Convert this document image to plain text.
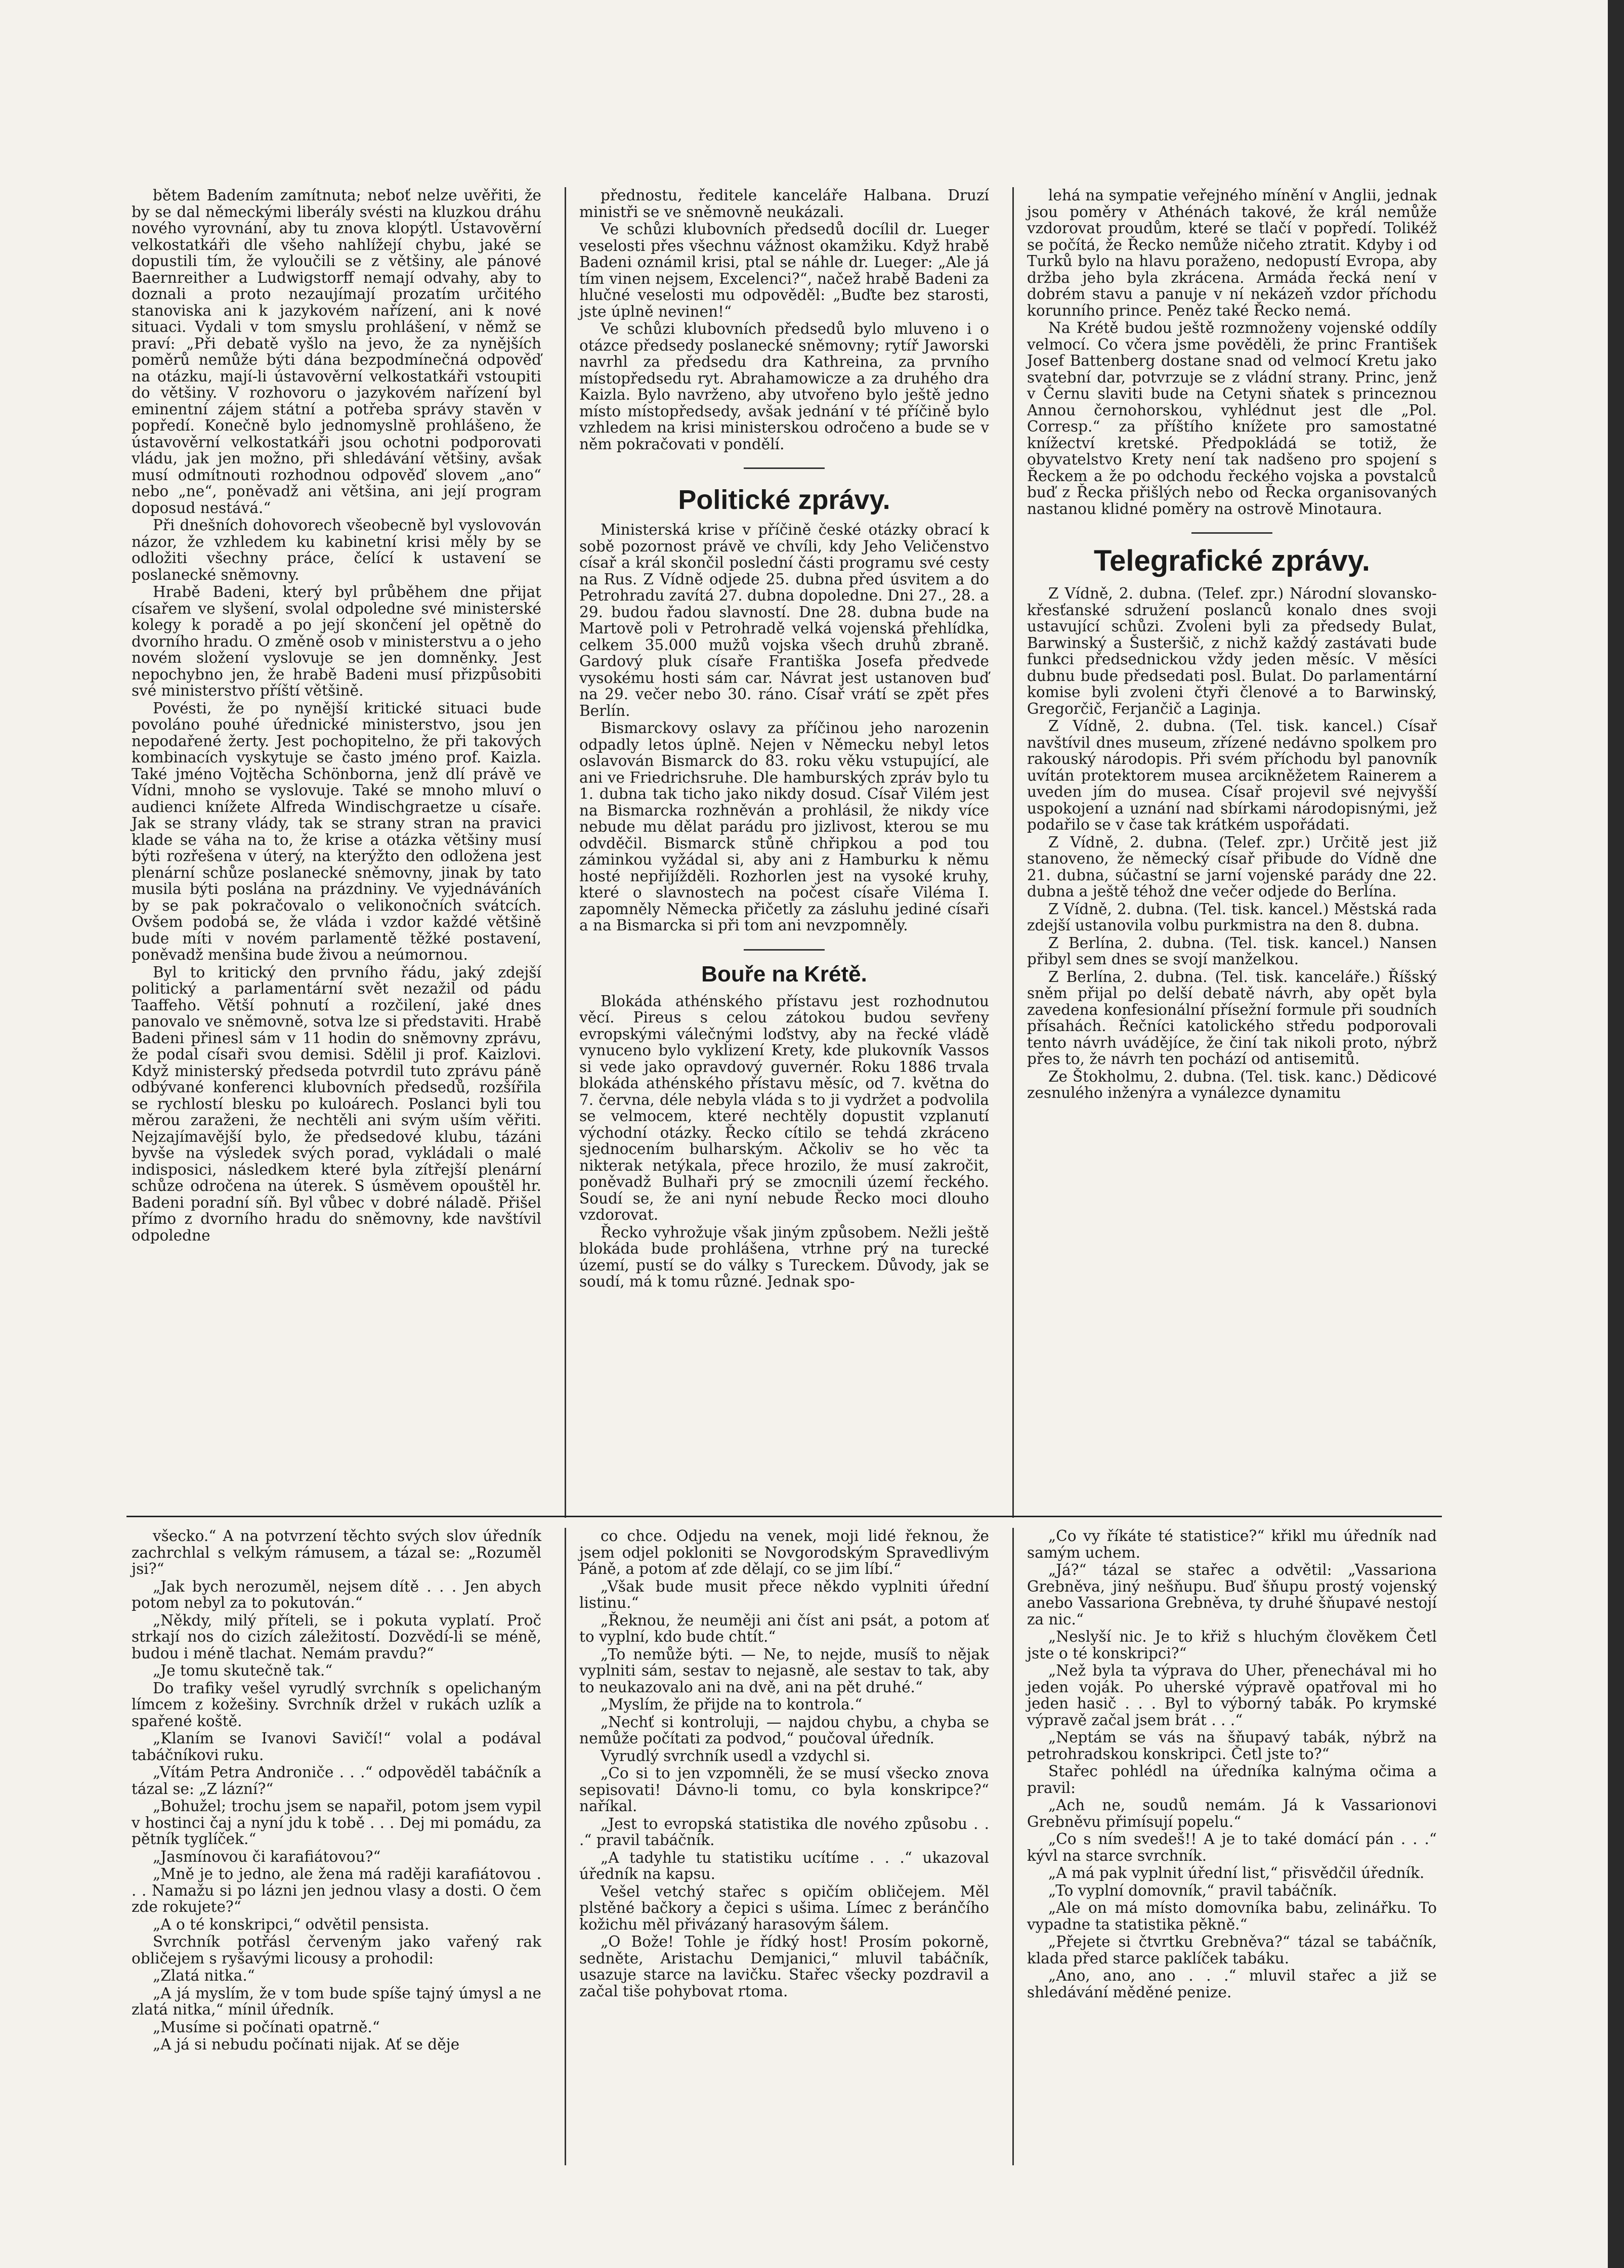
bětem Badením zamítnuta; neboť nelze uvěřiti, že by se dal německými liberály svésti na kluzkou dráhu nového vyrovnání, aby tu znova klopýtl. Ústavověrní velkostatkáři dle všeho nahlížejí chybu, jaké se dopustili tím, že vyloučili se z většiny, ale pánové Baernreither a Ludwigstorff nemají odvahy, aby to doznali a proto nezaujímají prozatím určitého stanoviska ani k jazykovém nařízení, ani k nové situaci. Vydali v tom smyslu prohlášení, v němž se praví: „Při debatě vyšlo na jevo, že za nynějších poměrů nemůže býti dána bezpodmínečná odpověď na otázku, mají-li ústavověrní velkostatkáři vstoupiti do většiny. V rozhovoru o jazykovém nařízení byl eminentní zájem státní a potřeba správy stavěn v popředí. Konečně bylo jednomyslně prohlášeno, že ústavověrní velkostatkáři jsou ochotni podporovati vládu, jak jen možno, při shledávání většiny, avšak musí odmítnouti rozhodnou odpověď slovem „ano“ nebo „ne“, poněvadž ani většina, ani její program doposud nestává.“

Při dnešních dohovorech všeobecně byl vyslovován názor, že vzhledem ku kabinetní krisi měly by se odložiti všechny práce, čelící k ustavení se poslanecké sněmovny.

Hrabě Badeni, který byl průběhem dne přijat císařem ve slyšení, svolal odpoledne své ministerské kolegy k poradě a po její skončení jel opětně do dvorního hradu. O změně osob v ministerstvu a o jeho novém složení vyslovuje se jen domněnky. Jest nepochybno jen, že hrabě Badeni musí přizpůsobiti své ministerstvo příští většině.

Povésti, že po nynější kritické situaci bude povoláno pouhé úřednické ministerstvo, jsou jen nepodařené žerty. Jest pochopitelno, že při takových kombinacích vyskytuje se často jméno prof. Kaizla. Také jméno Vojtěcha Schönborna, jenž dlí právě ve Vídni, mnoho se vyslovuje. Také se mnoho mluví o audienci knížete Alfreda Windischgraetze u císaře. Jak se strany vlády, tak se strany stran na pravici klade se váha na to, že krise a otázka většiny musí býti rozřešena v úterý, na kterýžto den odložena jest plenární schůze poslanecké sněmovny, jinak by tato musila býti poslána na prázdniny. Ve vyjednáváních by se pak pokračovalo o velikonočních svátcích. Ovšem podobá se, že vláda i vzdor každé většině bude míti v novém parlamentě těžké postavení, poněvadž menšina bude živou a neúmornou.

Byl to kritický den prvního řádu, jaký zdejší politický a parlamentární svět nezažil od pádu Taaffeho. Větší pohnutí a rozčilení, jaké dnes panovalo ve sněmovně, sotva lze si představiti. Hrabě Badeni přinesl sám v 11 hodin do sněmovny zprávu, že podal císaři svou demisi. Sdělil ji prof. Kaizlovi. Když ministerský předseda potvrdil tuto zprávu páně odbývané konferenci klubovních předsedů, rozšířila se rychlostí blesku po kuloárech. Poslanci byli tou měrou zaraženi, že nechtěli ani svým uším věřiti. Nejzajímavější bylo, že předsedové klubu, tázáni byvše na výsledek svých porad, vykládali o malé indisposici, následkem které byla zítřejší plenární schůze odročena na úterek. S úsměvem opouštěl hr. Badeni poradní síň. Byl vůbec v dobré náladě. Přišel přímo z dvorního hradu do sněmovny, kde navštívil odpoledne

přednostu, ředitele kanceláře Halbana. Druzí ministři se ve sněmovně neukázali.

Ve schůzi klubovních předsedů docílil dr. Lueger veselosti přes všechnu vážnost okamžiku. Když hrabě Badeni oznámil krisi, ptal se náhle dr. Lueger: „Ale já tím vinen nejsem, Excelenci?“, načež hrabě Badeni za hlučné veselosti mu odpověděl: „Buďte bez starosti, jste úplně nevinen!“

Ve schůzi klubovních předsedů bylo mluveno i o otázce předsedy poslanecké sněmovny; rytíř Jaworski navrhl za předsedu dra Kathreina, za prvního místopředsedu ryt. Abrahamowicze a za druhého dra Kaizla. Bylo navrženo, aby utvořeno bylo ještě jedno místo místopředsedy, avšak jednání v té příčině bylo vzhledem na krisi ministerskou odročeno a bude se v něm pokračovati v pondělí.

Politické zprávy.

Ministerská krise v příčině české otázky obrací k sobě pozornost právě ve chvíli, kdy Jeho Veličenstvo císař a král skončil poslední části programu své cesty na Rus. Z Vídně odjede 25. dubna před úsvitem a do Petrohradu zavítá 27. dubna dopoledne. Dni 27., 28. a 29. budou řadou slavností. Dne 28. dubna bude na Martově poli v Petrohradě velká vojenská přehlídka, celkem 35.000 mužů vojska všech druhů zbraně. Gardový pluk císaře Františka Josefa předvede vysokému hosti sám car. Návrat jest ustanoven buď na 29. večer nebo 30. ráno. Císař vrátí se zpět přes Berlín.

Bismarckovy oslavy za příčinou jeho narozenin odpadly letos úplně. Nejen v Německu nebyl letos oslavován Bismarck do 83. roku věku vstupující, ale ani ve Friedrichsruhe. Dle hamburských zpráv bylo tu 1. dubna tak ticho jako nikdy dosud. Císař Vilém jest na Bismarcka rozhněván a prohlásil, že nikdy více nebude mu dělat parádu pro jizlivost, kterou se mu odvděčil. Bismarck stůně chřipkou a pod tou záminkou vyžádal si, aby ani z Hamburku k němu hosté nepřijížděli. Rozhorlen jest na vysoké kruhy, které o slavnostech na počest císaře Viléma I. zapomněly Německa přičetly za zásluhu jediné císaři a na Bismarcka si při tom ani nevzpomněly.

Bouře na Krétě.

Blokáda athénského přístavu jest rozhodnutou věcí. Pireus s celou zátokou budou sevřeny evropskými válečnými loďstvy, aby na řecké vládě vynuceno bylo vyklizení Krety, kde plukovník Vassos si vede jako opravdový guvernér. Roku 1886 trvala blokáda athénského přístavu měsíc, od 7. května do 7. června, déle nebyla vláda s to ji vydržet a podvolila se velmocem, které nechtěly dopustit vzplanutí východní otázky. Řecko cítilo se tehdá zkráceno sjednocením bulharským. Ačkoliv se ho věc ta nikterak netýkala, přece hrozilo, že musí zakročit, poněvadž Bulhaři prý se zmocnili území řeckého. Soudí se, že ani nyní nebude Řecko moci dlouho vzdorovat.

Řecko vyhrožuje však jiným způsobem. Nežli ještě blokáda bude prohlášena, vtrhne prý na turecké území, pustí se do války s Tureckem. Důvody, jak se soudí, má k tomu různé. Jednak spo-

lehá na sympatie veřejného mínění v Anglii, jednak jsou poměry v Athénách takové, že král nemůže vzdorovat proudům, které se tlačí v popředí. Tolikéž se počítá, že Řecko nemůže ničeho ztratit. Kdyby i od Turků bylo na hlavu poraženo, nedopustí Evropa, aby držba jeho byla zkrácena. Armáda řecká není v dobrém stavu a panuje v ní nekázeň vzdor příchodu korunního prince. Peněz také Řecko nemá.

Na Krétě budou ještě rozmnoženy vojenské oddíly velmocí. Co včera jsme pověděli, že princ František Josef Battenberg dostane snad od velmocí Kretu jako svatební dar, potvrzuje se z vládní strany. Princ, jenž v Černu slaviti bude na Cetyni sňatek s princeznou Annou černohorskou, vyhlédnut jest dle „Pol. Corresp.“ za příštího knížete pro samostatné knížectví kretské. Předpokládá se totiž, že obyvatelstvo Krety není tak nadšeno pro spojení s Řeckem a že po odchodu řeckého vojska a povstalců buď z Řecka přišlých nebo od Řecka organisovaných nastanou klidné poměry na ostrově Minotaura.

Telegrafické zprávy.

Z Vídně, 2. dubna. (Telef. zpr.) Národní slovansko-křesťanské sdružení poslanců konalo dnes svoji ustavující schůzi. Zvoleni byli za předsedy Bulat, Barwinský a Šusteršič, z nichž každý zastávati bude funkci předsednickou vždy jeden měsíc. V měsíci dubnu bude předsedati posl. Bulat. Do parlamentární komise byli zvoleni čtyři členové a to Barwinský, Gregorčič, Ferjančič a Laginja.

Z Vídně, 2. dubna. (Tel. tisk. kancel.) Císař navštívil dnes museum, zřízené nedávno spolkem pro rakouský národopis. Při svém příchodu byl panovník uvítán protektorem musea arcikněžetem Rainerem a uveden jím do musea. Císař projevil své nejvyšší uspokojení a uznání nad sbírkami národopisnými, jež podařilo se v čase tak krátkém uspořádati.

Z Vídně, 2. dubna. (Telef. zpr.) Určitě jest již stanoveno, že německý císař přibude do Vídně dne 21. dubna, súčastní se jarní vojenské parády dne 22. dubna a ještě téhož dne večer odjede do Berlína.

Z Vídně, 2. dubna. (Tel. tisk. kancel.) Městská rada zdejší ustanovila volbu purkmistra na den 8. dubna.

Z Berlína, 2. dubna. (Tel. tisk. kancel.) Nansen přibyl sem dnes se svojí manželkou.

Z Berlína, 2. dubna. (Tel. tisk. kanceláře.) Říšský sněm přijal po delší debatě návrh, aby opět byla zavedena konfesionální přísežní formule při soudních přísahách. Řečníci katolického středu podporovali tento návrh uvádějíce, že činí tak nikoli proto, nýbrž přes to, že návrh ten pochází od antisemitů.

Ze Štokholmu, 2. dubna. (Tel. tisk. kanc.) Dědicové zesnulého inženýra a vynálezce dynamitu

všecko.“ A na potvrzení těchto svých slov úředník zachrchlal s velkým rámusem, a tázal se: „Rozuměl jsi?“

„Jak bych nerozuměl, nejsem dítě . . . Jen abych potom nebyl za to pokutován.“

„Někdy, milý příteli, se i pokuta vyplatí. Proč strkají nos do cizích záležitostí. Dozvědí-li se méně, budou i méně tlachat. Nemám pravdu?“

„Je tomu skutečně tak.“

Do trafiky vešel vyrudlý svrchník s opelichaným límcem z kožešiny. Svrchník držel v rukách uzlík a spařené koště.

„Klaním se Ivanovi Savičí!“ volal a podával tabáčníkovi ruku.

„Vítám Petra Androniče . . .“ odpověděl tabáčník a tázal se: „Z lázní?“

„Bohužel; trochu jsem se napařil, potom jsem vypil v hostinci čaj a nyní jdu k tobě . . . Dej mi pomádu, za pětník tyglíček.“

„Jasmínovou či karafiátovou?“

„Mně je to jedno, ale žena má raději karafiátovou . . . Namažu si po lázni jen jednou vlasy a dosti. O čem zde rokujete?“

„A o té konskripci,“ odvětil pensista.

Svrchník potřásl červeným jako vařený rak obličejem s ryšavými licousy a prohodil:

„Zlatá nitka.“

„A já myslím, že v tom bude spíše tajný úmysl a ne zlatá nitka,“ mínil úředník.

„Musíme si počínati opatrně.“

„A já si nebudu počínati nijak. Ať se děje

co chce. Odjedu na venek, moji lidé řeknou, že jsem odjel pokloniti se Novgorodským Spravedlivým Páně, a potom ať zde dělají, co se jim líbí.“

„Však bude musit přece někdo vyplniti úřední listinu.“

„Řeknou, že neuměji ani číst ani psát, a potom ať to vyplní, kdo bude chtít.“

„To nemůže býti. — Ne, to nejde, musíš to nějak vyplniti sám, sestav to nejasně, ale sestav to tak, aby to neukazovalo ani na dvě, ani na pět druhé.“

„Myslím, že přijde na to kontrola.“

„Nechť si kontroluji, — najdou chybu, a chyba se nemůže počítati za podvod,“ poučoval úředník.

Vyrudlý svrchník usedl a vzdychl si.

„Co si to jen vzpomněli, že se musí všecko znova sepisovati! Dávno-li tomu, co byla konskripce?“ naříkal.

„Jest to evropská statistika dle nového způsobu . . .“ pravil tabáčník.

„A tadyhle tu statistiku ucítíme . . .“ ukazoval úředník na kapsu.

Vešel vetchý stařec s opičím obličejem. Měl plstěné bačkory a čepici s ušima. Límec z beránčího kožichu měl přivázaný harasovým šálem.

„O Bože! Tohle je řídký host! Prosím pokorně, sedněte, Aristachu Demjanici,“ mluvil tabáčník, usazuje starce na lavičku. Stařec všecky pozdravil a začal tiše pohybovat rtoma.

„Co vy říkáte té statistice?“ křikl mu úředník nad samým uchem.

„Já?“ tázal se stařec a odvětil: „Vassariona Grebněva, jiný nešňupu. Buď šňupu prostý vojenský anebo Vassariona Grebněva, ty druhé šňupavé nestojí za nic.“

„Neslyší nic. Je to křiž s hluchým člověkem Četl jste o té konskripci?“

„Než byla ta výprava do Uher, přenechával mi ho jeden voják. Po uherské výpravě opatřoval mi ho jeden hasič . . . Byl to výborný tabák. Po krymské výpravě začal jsem brát . . .“

„Neptám se vás na šňupavý tabák, nýbrž na petrohradskou konskripci. Četl jste to?“

Stařec pohlédl na úředníka kalnýma očima a pravil:

„Ach ne, soudů nemám. Já k Vassarionovi Grebněvu přimísují popelu.“

„Co s ním svedeš!! A je to také domácí pán . . .“ kývl na starce svrchník.

„A má pak vyplnit úřední list,“ přisvědčil úředník.

„To vyplní domovník,“ pravil tabáčník.

„Ale on má místo domovníka babu, zelinářku. To vypadne ta statistika pěkně.“

„Přejete si čtvrtku Grebněva?“ tázal se tabáčník, klada před starce paklíček tabáku.

„Ano, ano, ano . . .“ mluvil stařec a již se shledávání měděné penize.
